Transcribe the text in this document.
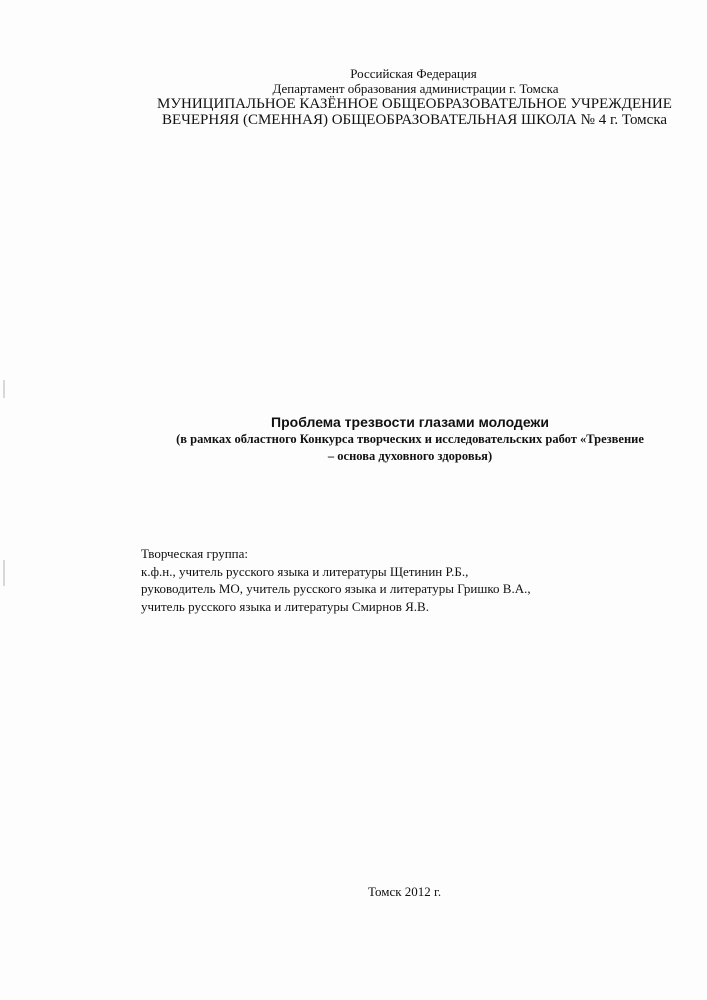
Российская Федерация
Департамент образования администрации г. Томска
МУНИЦИПАЛЬНОЕ КАЗЁННОЕ ОБЩЕОБРАЗОВАТЕЛЬНОЕ УЧРЕЖДЕНИЕ
ВЕЧЕРНЯЯ (СМЕННАЯ) ОБЩЕОБРАЗОВАТЕЛЬНАЯ ШКОЛА № 4 г. Томска
Проблема трезвости глазами молодежи
(в рамках областного Конкурса творческих и исследовательских работ «Трезвение
– основа духовного здоровья)
Творческая группа:
к.ф.н., учитель русского языка и литературы Щетинин Р.Б.,
руководитель МО, учитель русского языка и литературы Гришко В.А.,
учитель русского языка и литературы Смирнов Я.В.
Томск 2012 г.
